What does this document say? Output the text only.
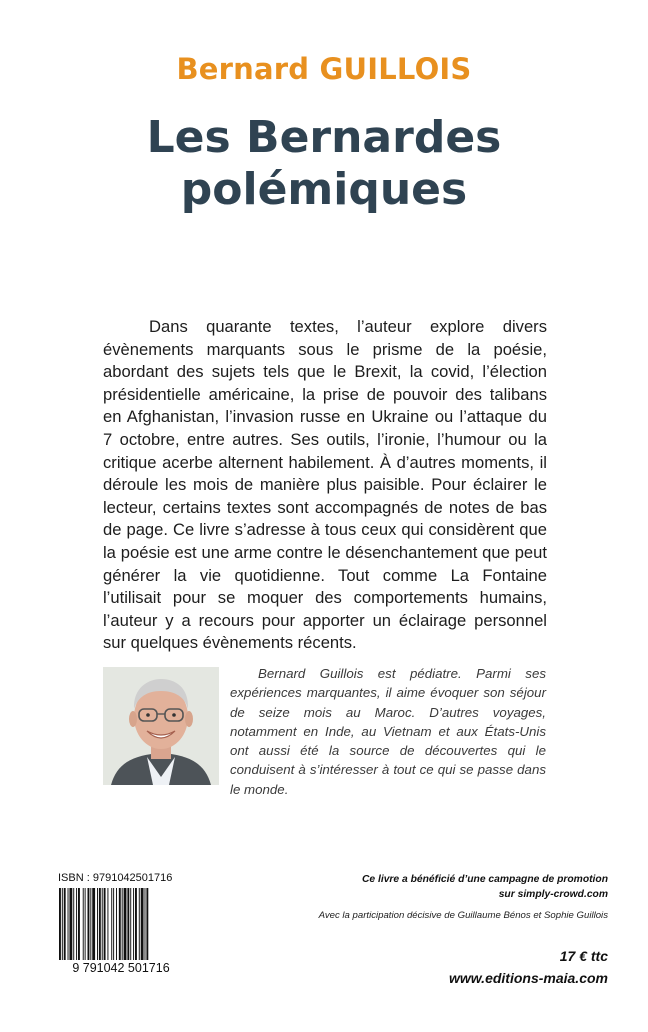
Bernard GUILLOIS
Les Bernardes
polémiques

Dans quarante textes, l’auteur explore divers évènements marquants sous le prisme de la poésie, abordant des sujets tels que le Brexit, la covid, l’élection présidentielle américaine, la prise de pouvoir des talibans en Afghanistan, l’invasion russe en Ukraine ou l’attaque du 7 octobre, entre autres. Ses outils, l’ironie, l’humour ou la critique acerbe alternent habilement. À d’autres moments, il déroule les mois de manière plus paisible. Pour éclairer le lecteur, certains textes sont accompagnés de notes de bas de page. Ce livre s’adresse à tous ceux qui considèrent que la poésie est une arme contre le désenchantement que peut générer la vie quotidienne. Tout comme La Fontaine l’utilisait pour se moquer des comportements humains, l’auteur y a recours pour apporter un éclairage personnel sur quelques évènements récents.

Bernard Guillois est pédiatre. Parmi ses expériences marquantes, il aime évoquer son séjour de seize mois au Maroc. D’autres voyages, notamment en Inde, au Vietnam et aux États-Unis ont aussi été la source de découvertes qui le conduisent à s’intéresser à tout ce qui se passe dans le monde.

ISBN : 9791042501716
9 791042 501716
Ce livre a bénéficié d’une campagne de promotion
sur simply-crowd.com
Avec la participation décisive de Guillaume Bénos et Sophie Guillois
17 € ttc
www.editions-maia.com
